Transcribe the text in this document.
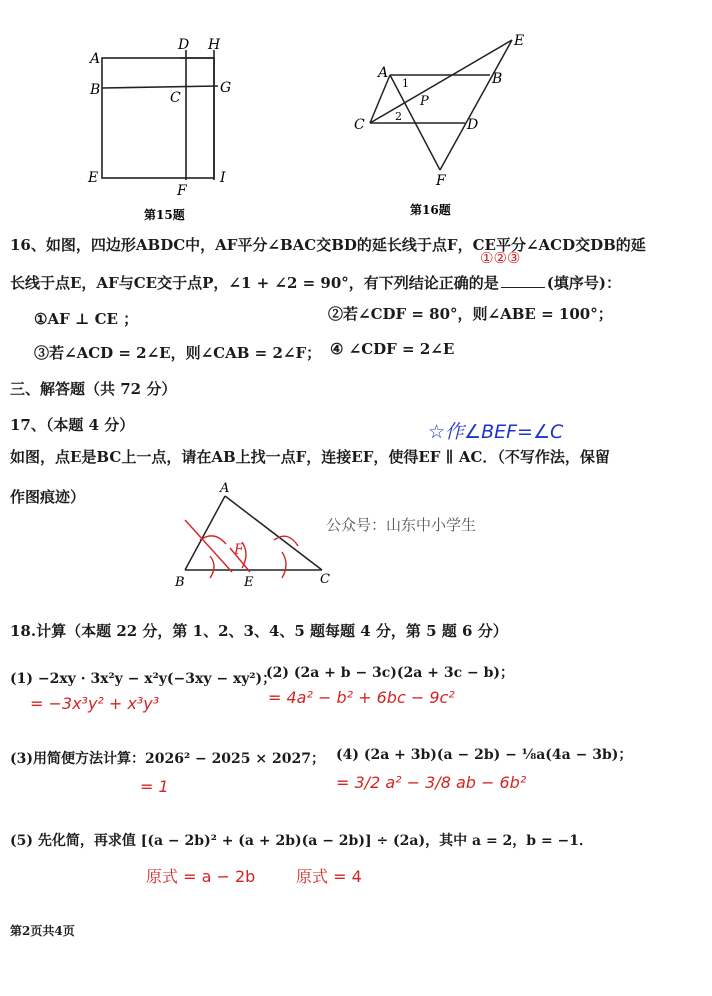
A
D H
B	C
G
E
F
I
第15题
A	B
C	D
E
F
P
1
2
第16题
16、如图，四边形ABDC中，AF平分∠BAC交BD的延长线于点F，CE平分∠ACD交DB的延
长线于点E，AF与CE交于点P，∠1 + ∠2 = 90°，有下列结论正确的是	(填序号)：
①②③
①AF ⊥ CE ；	②若∠CDF = 80°，则∠ABE = 100°；
③若∠ACD = 2∠E，则∠CAB = 2∠F； ④ ∠CDF = 2∠E
三、解答题（共 72 分）
17、（本题 4 分）	☆作∠BEF=∠C
如图，点E是BC上一点，请在AB上找一点F，连接EF，使得EF ∥ AC．（不写作法，保留
作图痕迹）	A
B	E	C
F
公众号：山东中小学生
18.计算（本题 22 分，第 1、2、3、4、5 题每题 4 分，第 5 题 6 分）
(1) −2xy · 3x²y − x²y(−3xy − xy²)；
= −3x³y² + x³y³
(2) (2a + b − 3c)(2a + 3c − b)；
= 4a² − b² + 6bc − 9c²
(3)用简便方法计算：2026² − 2025 × 2027；
= 1
(4) (2a + 3b)(a − 2b) − ⅛a(4a − 3b)；
= 3/2 a² − 3/8 ab − 6b²
(5) 先化简，再求值 [(a − 2b)² + (a + 2b)(a − 2b)] ÷ (2a)，其中 a = 2，b = −1．
原式 = a − 2b	原式 = 4
第2页共4页
